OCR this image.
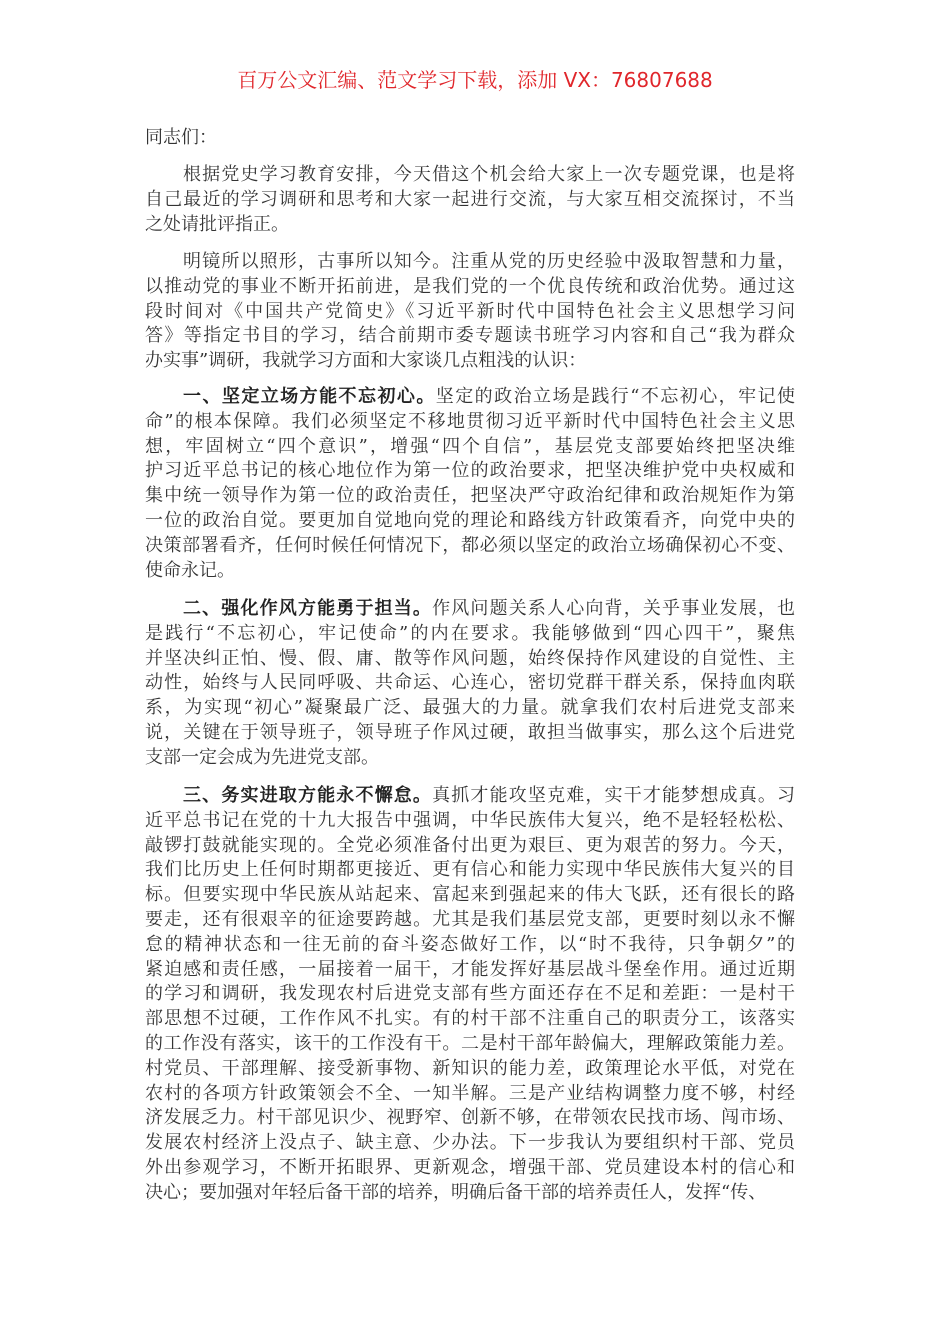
百万公文汇编、范文学习下载，添加 VX：76807688
同志们：
根据党史学习教育安排，今天借这个机会给大家上一次专题党课，也是将
自己最近的学习调研和思考和大家一起进行交流，与大家互相交流探讨，不当
之处请批评指正。
明镜所以照形，古事所以知今。注重从党的历史经验中汲取智慧和力量，
以推动党的事业不断开拓前进，是我们党的一个优良传统和政治优势。通过这
段时间对《中国共产党简史》《习近平新时代中国特色社会主义思想学习问
答》等指定书目的学习，结合前期市委专题读书班学习内容和自己“我为群众
办实事”调研，我就学习方面和大家谈几点粗浅的认识：
一、坚定立场方能不忘初心。坚定的政治立场是践行“不忘初心，牢记使
命”的根本保障。我们必须坚定不移地贯彻习近平新时代中国特色社会主义思
想，牢固树立“四个意识”，增强“四个自信”，基层党支部要始终把坚决维
护习近平总书记的核心地位作为第一位的政治要求，把坚决维护党中央权威和
集中统一领导作为第一位的政治责任，把坚决严守政治纪律和政治规矩作为第
一位的政治自觉。要更加自觉地向党的理论和路线方针政策看齐，向党中央的
决策部署看齐，任何时候任何情况下，都必须以坚定的政治立场确保初心不变、
使命永记。
二、强化作风方能勇于担当。作风问题关系人心向背，关乎事业发展，也
是践行“不忘初心，牢记使命”的内在要求。我能够做到“四心四干”，聚焦
并坚决纠正怕、慢、假、庸、散等作风问题，始终保持作风建设的自觉性、主
动性，始终与人民同呼吸、共命运、心连心，密切党群干群关系，保持血肉联
系，为实现“初心”凝聚最广泛、最强大的力量。就拿我们农村后进党支部来
说，关键在于领导班子，领导班子作风过硬，敢担当做事实，那么这个后进党
支部一定会成为先进党支部。
三、务实进取方能永不懈怠。真抓才能攻坚克难，实干才能梦想成真。习
近平总书记在党的十九大报告中强调，中华民族伟大复兴，绝不是轻轻松松、
敲锣打鼓就能实现的。全党必须准备付出更为艰巨、更为艰苦的努力。今天，
我们比历史上任何时期都更接近、更有信心和能力实现中华民族伟大复兴的目
标。但要实现中华民族从站起来、富起来到强起来的伟大飞跃，还有很长的路
要走，还有很艰辛的征途要跨越。尤其是我们基层党支部，更要时刻以永不懈
怠的精神状态和一往无前的奋斗姿态做好工作，以“时不我待，只争朝夕”的
紧迫感和责任感，一届接着一届干，才能发挥好基层战斗堡垒作用。通过近期
的学习和调研，我发现农村后进党支部有些方面还存在不足和差距：一是村干
部思想不过硬，工作作风不扎实。有的村干部不注重自己的职责分工，该落实
的工作没有落实，该干的工作没有干。二是村干部年龄偏大，理解政策能力差。
村党员、干部理解、接受新事物、新知识的能力差，政策理论水平低，对党在
农村的各项方针政策领会不全、一知半解。三是产业结构调整力度不够，村经
济发展乏力。村干部见识少、视野窄、创新不够，在带领农民找市场、闯市场、
发展农村经济上没点子、缺主意、少办法。下一步我认为要组织村干部、党员
外出参观学习，不断开拓眼界、更新观念，增强干部、党员建设本村的信心和
决心；要加强对年轻后备干部的培养，明确后备干部的培养责任人，发挥“传、
